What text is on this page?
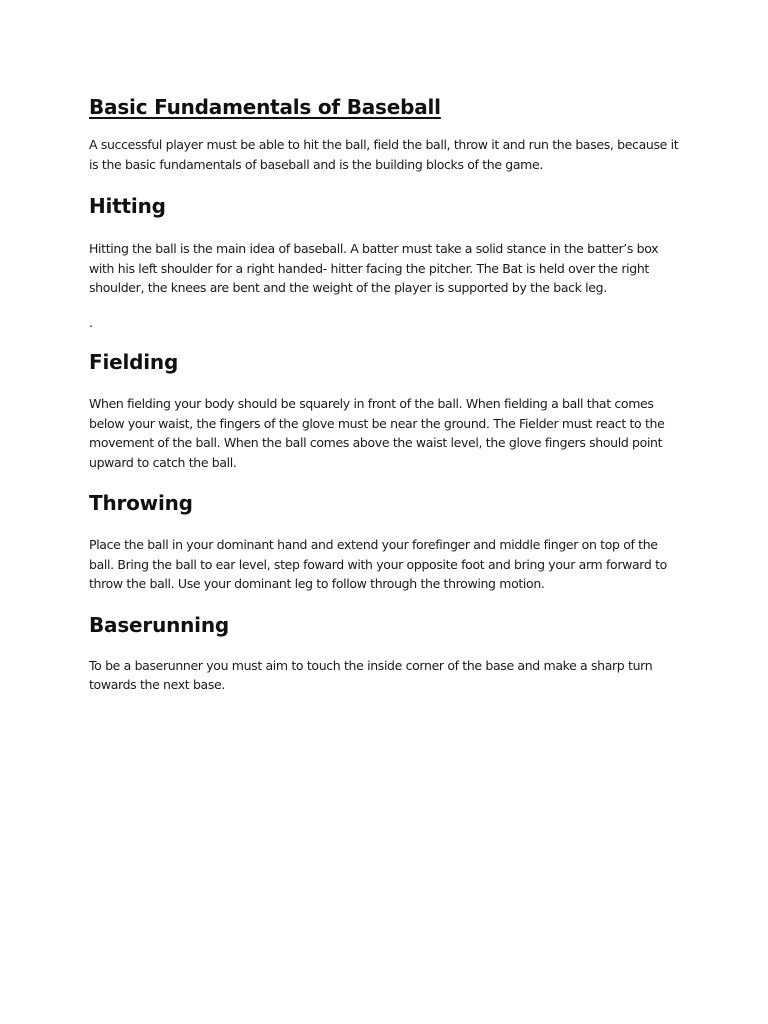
Basic Fundamentals of Baseball

A successful player must be able to hit the ball, field the ball, throw it and run the bases, because it is the basic fundamentals of baseball and is the building blocks of the game.

Hitting

Hitting the ball is the main idea of baseball. A batter must take a solid stance in the batter’s box with his left shoulder for a right handed- hitter facing the pitcher. The Bat is held over the right shoulder, the knees are bent and the weight of the player is supported by the back leg.

.

Fielding

When fielding your body should be squarely in front of the ball. When fielding a ball that comes below your waist, the fingers of the glove must be near the ground. The Fielder must react to the movement of the ball. When the ball comes above the waist level, the glove fingers should point upward to catch the ball.

Throwing

Place the ball in your dominant hand and extend your forefinger and middle finger on top of the ball. Bring the ball to ear level, step foward with your opposite foot and bring your arm forward to throw the ball. Use your dominant leg to follow through the throwing motion.

Baserunning

To be a baserunner you must aim to touch the inside corner of the base and make a sharp turn towards the next base.
